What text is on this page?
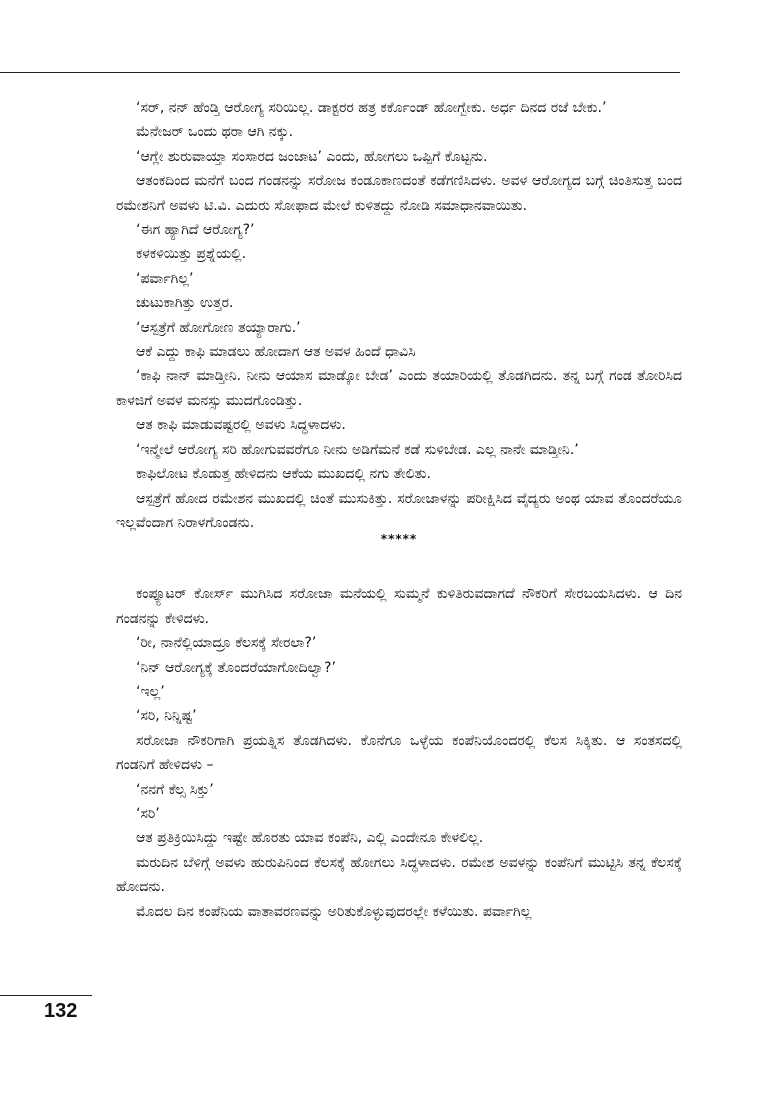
‘ಸರ್, ನನ್ ಹೆಂಡ್ತಿ ಆರೋಗ್ಯ ಸರಿಯಿಲ್ಲ. ಡಾಕ್ಟರರ ಹತ್ರ ಕರ್ಕೊಂಡ್ ಹೋಗ್ಬೇಕು. ಅರ್ಧ ದಿನದ ರಜೆ ಬೇಕು.’
ಮೆನೇಜರ್ ಒಂದು ಥರಾ ಆಗಿ ನಕ್ಕು.
‘ಆಗ್ಲೇ ಶುರುವಾಯ್ತಾ ಸಂಸಾರದ ಜಂಜಾಟ’ ಎಂದು, ಹೋಗಲು ಒಪ್ಪಿಗೆ ಕೊಟ್ಟನು.
ಆತಂಕದಿಂದ ಮನೆಗೆ ಬಂದ ಗಂಡನನ್ನು ಸರೋಜ ಕಂಡೂಕಾಣದಂತೆ ಕಡೆಗಣಿಸಿದಳು. ಅವಳ ಆರೋಗ್ಯದ ಬಗ್ಗೆ ಚಿಂತಿಸುತ್ತ ಬಂದ ರಮೇಶನಿಗೆ ಅವಳು ಟಿ.ವಿ. ಎದುರು ಸೋಫಾದ ಮೇಲೆ ಕುಳಿತದ್ದು ನೋಡಿ ಸಮಾಧಾನವಾಯಿತು.
‘ಈಗ ಹ್ಯಾಗಿದೆ ಆರೋಗ್ಯ?’
ಕಳಕಳಿಯಿತ್ತು ಪ್ರಶ್ನೆಯಲ್ಲಿ.
‘ಪರ್ವಾಗಿಲ್ಲ’
ಚುಟುಕಾಗಿತ್ತು ಉತ್ತರ.
‘ಆಸ್ಪತ್ರೆಗೆ ಹೋಗೋಣ ತಯ್ಯಾರಾಗು.’
ಆಕೆ ಎದ್ದು ಕಾಫಿ ಮಾಡಲು ಹೋದಾಗ ಆತ ಅವಳ ಹಿಂದೆ ಧಾವಿಸಿ
‘ಕಾಫಿ ನಾನ್ ಮಾಡ್ತೀನಿ. ನೀನು ಆಯಾಸ ಮಾಡ್ಕೋ ಬೇಡ’ ಎಂದು ತಯಾರಿಯಲ್ಲಿ ತೊಡಗಿದನು. ತನ್ನ ಬಗ್ಗೆ ಗಂಡ ತೋರಿಸಿದ ಕಾಳಜಿಗೆ ಅವಳ ಮನಸ್ಸು ಮುದಗೊಂಡಿತ್ತು.
ಆತ ಕಾಫಿ ಮಾಡುವಷ್ಟರಲ್ಲಿ ಅವಳು ಸಿದ್ಧಳಾದಳು.
‘ಇನ್ಮೇಲೆ ಆರೋಗ್ಯ ಸರಿ ಹೋಗುವವರೆಗೂ ನೀನು ಅಡಿಗೆಮನೆ ಕಡೆ ಸುಳಿಬೇಡ. ಎಲ್ಲ ನಾನೇ ಮಾಡ್ತೀನಿ.’
ಕಾಫಿಲೋಟ ಕೊಡುತ್ತ ಹೇಳಿದನು ಆಕೆಯ ಮುಖದಲ್ಲಿ ನಗು ತೇಲಿತು.
ಆಸ್ಪತ್ರೆಗೆ ಹೋದ ರಮೇಶನ ಮುಖದಲ್ಲಿ ಚಿಂತೆ ಮುಸುಕಿತ್ತು. ಸರೋಜಾಳನ್ನು ಪರೀಕ್ಷಿಸಿದ ವೈದ್ಯರು ಅಂಥ ಯಾವ ತೊಂದರೆಯೂ ಇಲ್ಲವೆಂದಾಗ ನಿರಾಳಗೊಂಡನು.
*****
ಕಂಪ್ಯೂಟರ್ ಕೋರ್ಸ್ ಮುಗಿಸಿದ ಸರೋಜಾ ಮನೆಯಲ್ಲಿ ಸುಮ್ಮನೆ ಕುಳಿತಿರುವದಾಗದೆ ನೌಕರಿಗೆ ಸೇರಬಯಸಿದಳು. ಆ ದಿನ ಗಂಡನನ್ನು ಕೇಳಿದಳು.
‘ರೀ, ನಾನೆಲ್ಲಿಯಾದ್ರೂ ಕೆಲಸಕ್ಕೆ ಸೇರಲಾ?’
‘ನಿನ್ ಆರೋಗ್ಯಕ್ಕೆ ತೊಂದರೆಯಾಗೋದಿಲ್ವಾ?’
‘ಇಲ್ಲ’
‘ಸರಿ, ನಿನ್ನಿಷ್ಟ’
ಸರೋಜಾ ನೌಕರಿಗಾಗಿ ಪ್ರಯತ್ನಿಸ ತೊಡಗಿದಳು. ಕೊನೆಗೂ ಒಳ್ಳೆಯ ಕಂಪೆನಿಯೊಂದರಲ್ಲಿ ಕೆಲಸ ಸಿಕ್ಕಿತು. ಆ ಸಂತಸದಲ್ಲಿ ಗಂಡನಿಗೆ ಹೇಳಿದಳು –
‘ನನಗೆ ಕೆಲ್ಸ ಸಿಕ್ತು’
‘ಸರಿ’
ಆತ ಪ್ರತಿಕ್ರಿಯಿಸಿದ್ದು ಇಷ್ಟೇ ಹೊರತು ಯಾವ ಕಂಪೆನಿ, ಎಲ್ಲಿ ಎಂದೇನೂ ಕೇಳಲಿಲ್ಲ.
ಮರುದಿನ ಬೆಳಿಗ್ಗೆ ಅವಳು ಹುರುಪಿನಿಂದ ಕೆಲಸಕ್ಕೆ ಹೋಗಲು ಸಿದ್ಧಳಾದಳು. ರಮೇಶ ಅವಳನ್ನು ಕಂಪೆನಿಗೆ ಮುಟ್ಟಿಸಿ ತನ್ನ ಕೆಲಸಕ್ಕೆ ಹೋದನು.
ಮೊದಲ ದಿನ ಕಂಪೆನಿಯ ವಾತಾವರಣವನ್ನು ಅರಿತುಕೊಳ್ಳುವುದರಲ್ಲೇ ಕಳೆಯಿತು. ಪರ್ವಾಗಿಲ್ಲ
132
